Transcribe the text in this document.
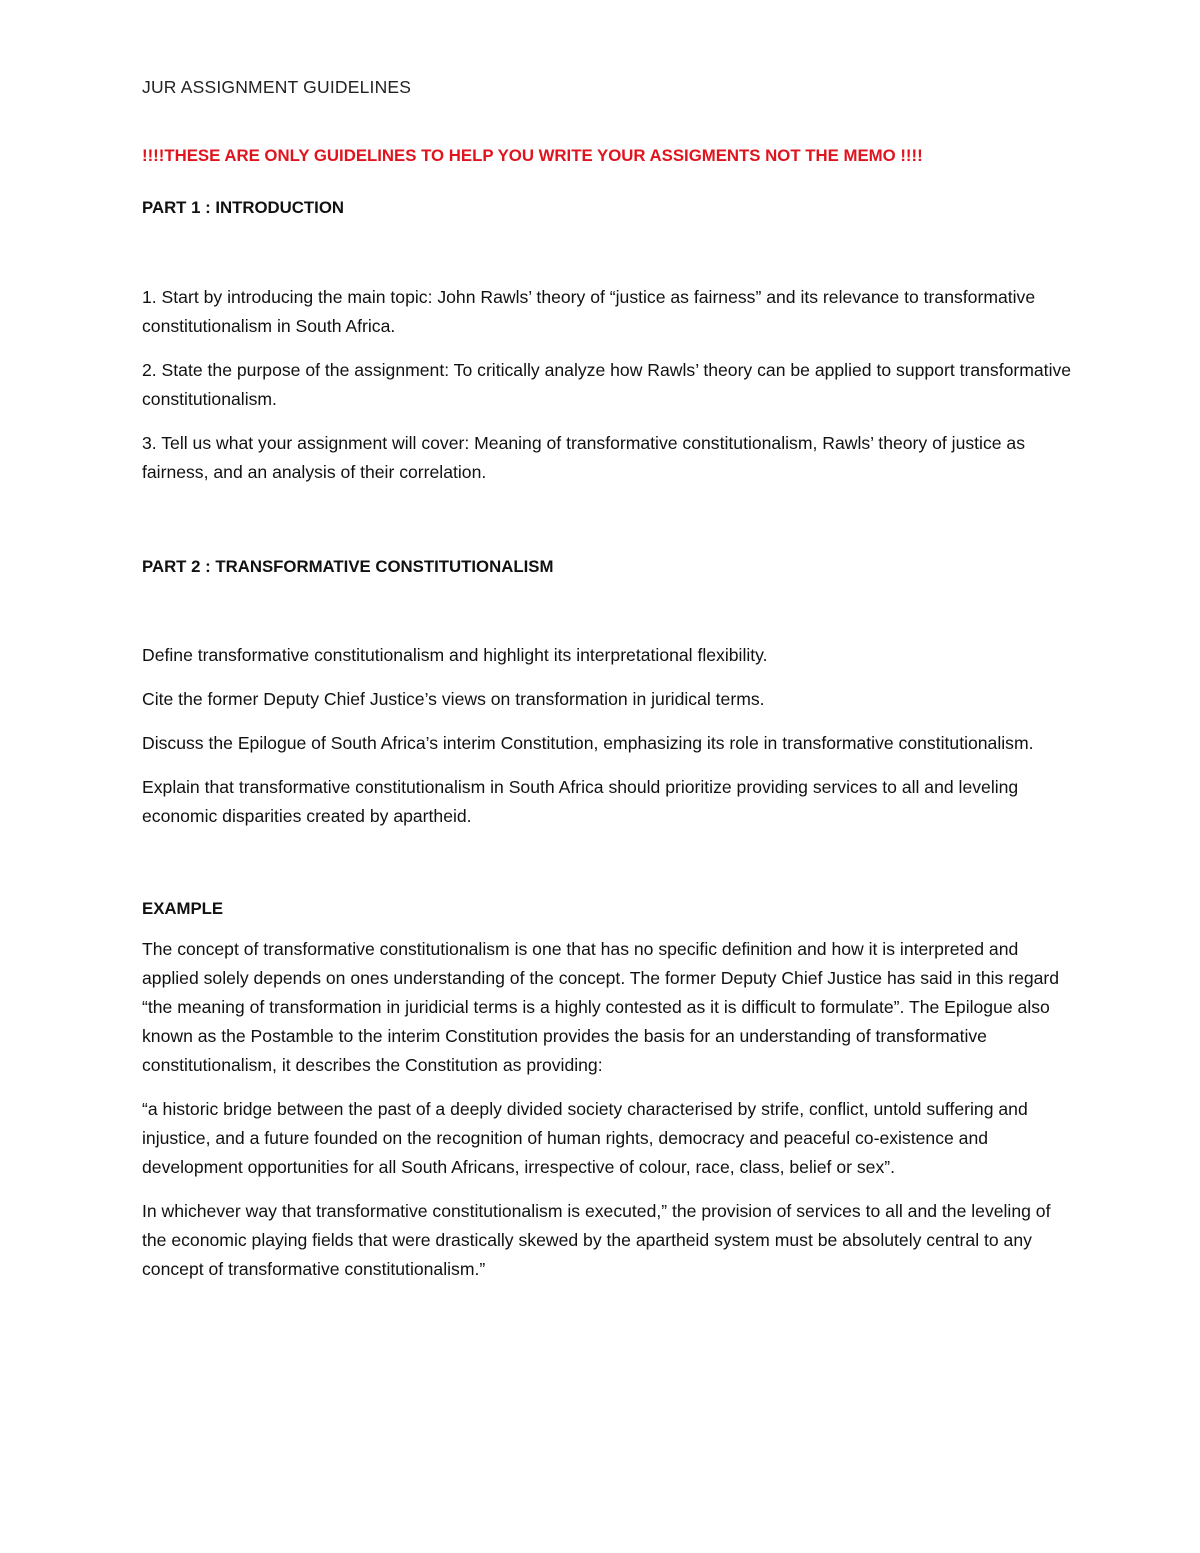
JUR ASSIGNMENT GUIDELINES

!!!!THESE ARE ONLY GUIDELINES TO HELP YOU WRITE YOUR ASSIGMENTS NOT THE MEMO !!!!

PART 1 : INTRODUCTION

1. Start by introducing the main topic: John Rawls’ theory of “justice as fairness” and its relevance to transformative constitutionalism in South Africa.

2. State the purpose of the assignment: To critically analyze how Rawls’ theory can be applied to support transformative constitutionalism.

3. Tell us what your assignment will cover: Meaning of transformative constitutionalism, Rawls’ theory of justice as fairness, and an analysis of their correlation.

PART 2 : TRANSFORMATIVE CONSTITUTIONALISM

Define transformative constitutionalism and highlight its interpretational flexibility.

Cite the former Deputy Chief Justice’s views on transformation in juridical terms.

Discuss the Epilogue of South Africa’s interim Constitution, emphasizing its role in transformative constitutionalism.

Explain that transformative constitutionalism in South Africa should prioritize providing services to all and leveling economic disparities created by apartheid.

EXAMPLE

The concept of transformative constitutionalism is one that has no specific definition and how it is interpreted and applied solely depends on ones understanding of the concept. The former Deputy Chief Justice has said in this regard “the meaning of transformation in juridicial terms is a highly contested as it is difficult to formulate”. The Epilogue also known as the Postamble to the interim Constitution provides the basis for an understanding of transformative constitutionalism, it describes the Constitution as providing:

“a historic bridge between the past of a deeply divided society characterised by strife, conflict, untold suffering and injustice, and a future founded on the recognition of human rights, democracy and peaceful co-existence and development opportunities for all South Africans, irrespective of colour, race, class, belief or sex”.

In whichever way that transformative constitutionalism is executed,” the provision of services to all and the leveling of the economic playing fields that were drastically skewed by the apartheid system must be absolutely central to any concept of transformative constitutionalism.”
